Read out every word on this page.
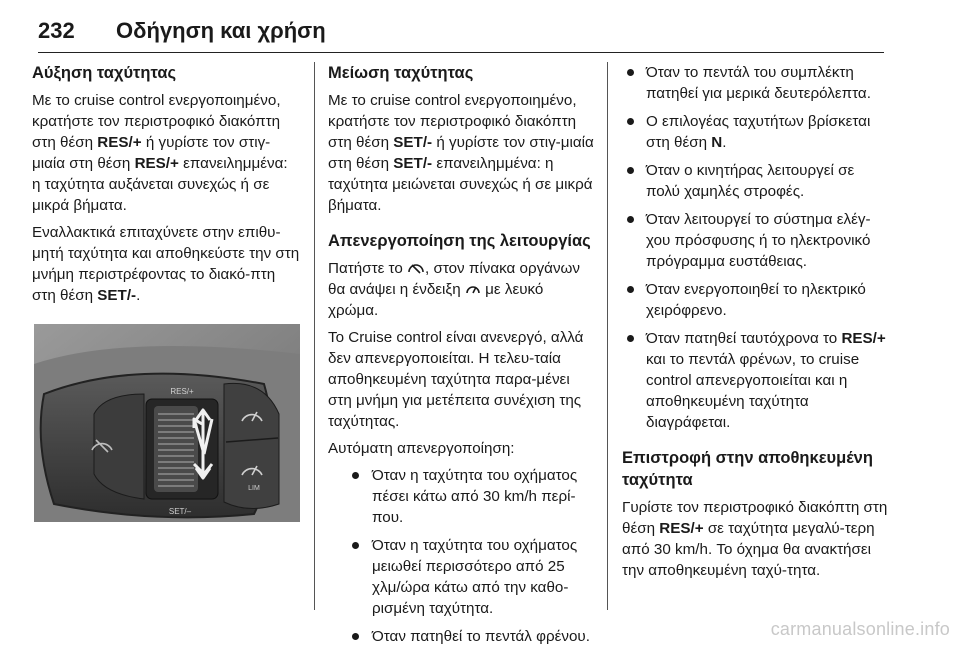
232 Οδήγηση και χρήση
Αύξηση ταχύτητας

Με το cruise control ενεργοποιημένο, κρατήστε τον περιστροφικό διακόπτη στη θέση RES/+ ή γυρίστε τον στιγ-μιαία στη θέση RES/+ επανειλημμένα: η ταχύτητα αυξάνεται συνεχώς ή σε μικρά βήματα.

Εναλλακτικά επιταχύνετε στην επιθυ-μητή ταχύτητα και αποθηκεύστε την στη μνήμη περιστρέφοντας το διακό-πτη στη θέση SET/-.

RES/+
SET/–
LIM
Μείωση ταχύτητας

Με το cruise control ενεργοποιημένο, κρατήστε τον περιστροφικό διακόπτη στη θέση SET/- ή γυρίστε τον στιγ-μιαία στη θέση SET/- επανειλημμένα: η ταχύτητα μειώνεται συνεχώς ή σε μικρά βήματα.

Απενεργοποίηση της λειτουργίας

Πατήστε το , στον πίνακα οργάνων θα ανάψει η ένδειξη  με λευκό χρώμα.

Το Cruise control είναι ανενεργό, αλλά δεν απενεργοποιείται. Η τελευ-ταία αποθηκευμένη ταχύτητα παρα-μένει στη μνήμη για μετέπειτα συνέχιση της ταχύτητας.

Αυτόματη απενεργοποίηση:

Όταν η ταχύτητα του οχήματος πέσει κάτω από 30 km/h περί-που.
Όταν η ταχύτητα του οχήματος μειωθεί περισσότερο από 25 χλμ/ώρα κάτω από την καθο-ρισμένη ταχύτητα.
Όταν πατηθεί το πεντάλ φρένου.
Όταν το πεντάλ του συμπλέκτη πατηθεί για μερικά δευτερόλεπτα.
Ο επιλογέας ταχυτήτων βρίσκεται στη θέση N.
Όταν ο κινητήρας λειτουργεί σε πολύ χαμηλές στροφές.
Όταν λειτουργεί το σύστημα ελέγ-χου πρόσφυσης ή το ηλεκτρονικό πρόγραμμα ευστάθειας.
Όταν ενεργοποιηθεί το ηλεκτρικό χειρόφρενο.
Όταν πατηθεί ταυτόχρονα το RES/+ και το πεντάλ φρένων, το cruise control απενεργοποιείται και η αποθηκευμένη ταχύτητα διαγράφεται.
Επιστροφή στην αποθηκευμένη ταχύτητα

Γυρίστε τον περιστροφικό διακόπτη στη θέση RES/+ σε ταχύτητα μεγαλύ-τερη από 30 km/h. Το όχημα θα ανακτήσει την αποθηκευμένη ταχύ-τητα.

carmanualsonline.info
